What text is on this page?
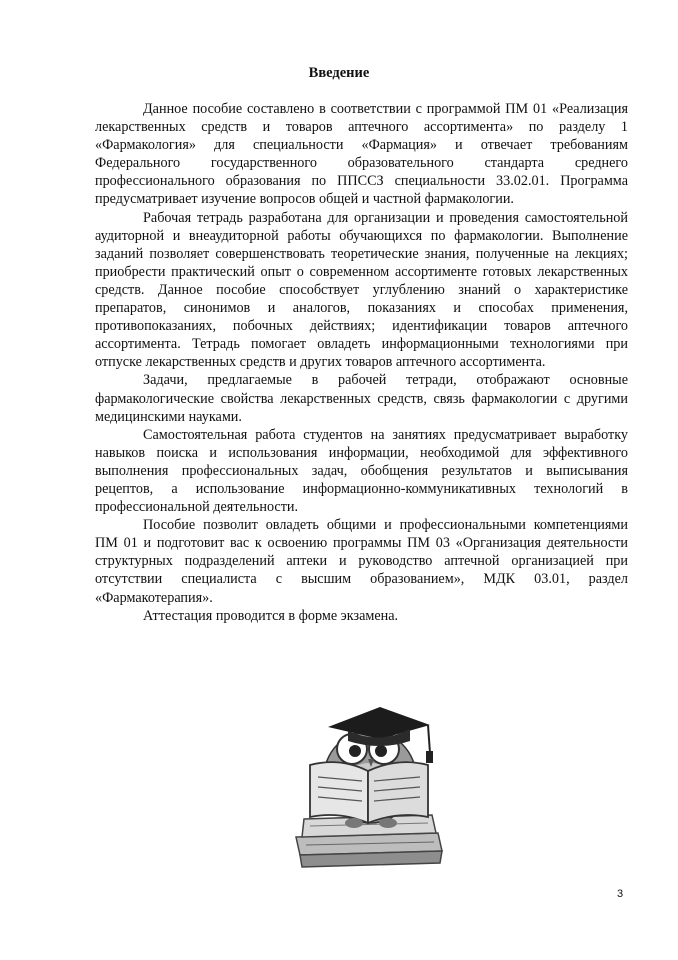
Введение

Данное пособие составлено в соответствии с программой ПМ 01 «Реализация лекарственных средств и товаров аптечного ассортимента» по разделу 1 «Фармакология» для специальности «Фармация» и отвечает требованиям Федерального государственного образовательного стандарта среднего профессионального образования по ППССЗ специальности 33.02.01. Программа предусматривает изучение вопросов общей и частной фармакологии.

Рабочая тетрадь разработана для организации и проведения самостоятельной аудиторной и внеаудиторной работы обучающихся по фармакологии. Выполнение заданий позволяет совершенствовать теоретические знания, полученные на лекциях; приобрести практический опыт о современном ассортименте готовых лекарственных средств. Данное пособие способствует углублению знаний о характеристике препаратов, синонимов и аналогов, показаниях и способах применения, противопоказаниях, побочных действиях; идентификации товаров аптечного ассортимента. Тетрадь помогает овладеть информационными технологиями при отпуске лекарственных средств и других товаров аптечного ассортимента.

Задачи, предлагаемые в рабочей тетради, отображают основные фармакологические свойства лекарственных средств, связь фармакологии с другими медицинскими науками.

Самостоятельная работа студентов на занятиях предусматривает выработку навыков поиска и использования информации, необходимой для эффективного выполнения профессиональных задач, обобщения результатов и выписывания рецептов, а использование информационно-коммуникативных технологий в профессиональной деятельности.

Пособие позволит овладеть общими и профессиональными компетенциями ПМ 01 и подготовит вас к освоению программы ПМ 03 «Организация деятельности структурных подразделений аптеки и руководство аптечной организацией при отсутствии специалиста с высшим образованием», МДК 03.01, раздел «Фармакотерапия».

Аттестация проводится в форме экзамена.

3
